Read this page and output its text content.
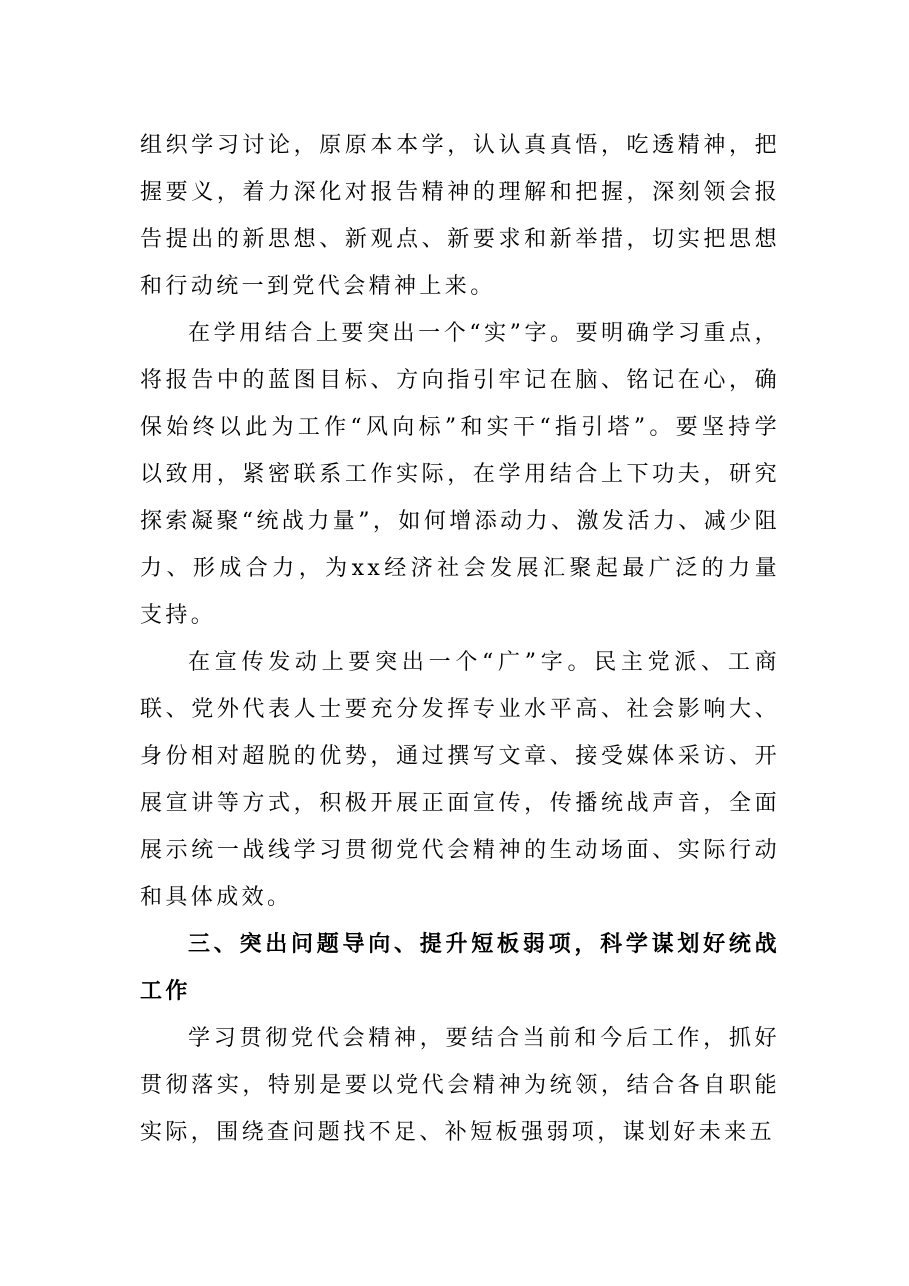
组织学习讨论，原原本本学，认认真真悟，吃透精神，把握要义，着力深化对报告精神的理解和把握，深刻领会报告提出的新思想、新观点、新要求和新举措，切实把思想和行动统一到党代会精神上来。

在学用结合上要突出一个“实”字。要明确学习重点，将报告中的蓝图目标、方向指引牢记在脑、铭记在心，确保始终以此为工作“风向标”和实干“指引塔”。要坚持学以致用，紧密联系工作实际，在学用结合上下功夫，研究探索凝聚“统战力量”，如何增添动力、激发活力、减少阻力、形成合力，为xx经济社会发展汇聚起最广泛的力量支持。

在宣传发动上要突出一个“广”字。民主党派、工商联、党外代表人士要充分发挥专业水平高、社会影响大、身份相对超脱的优势，通过撰写文章、接受媒体采访、开展宣讲等方式，积极开展正面宣传，传播统战声音，全面展示统一战线学习贯彻党代会精神的生动场面、实际行动和具体成效。

三、突出问题导向、提升短板弱项，科学谋划好统战工作

学习贯彻党代会精神，要结合当前和今后工作，抓好贯彻落实，特别是要以党代会精神为统领，结合各自职能实际，围绕查问题找不足、补短板强弱项，谋划好未来五
